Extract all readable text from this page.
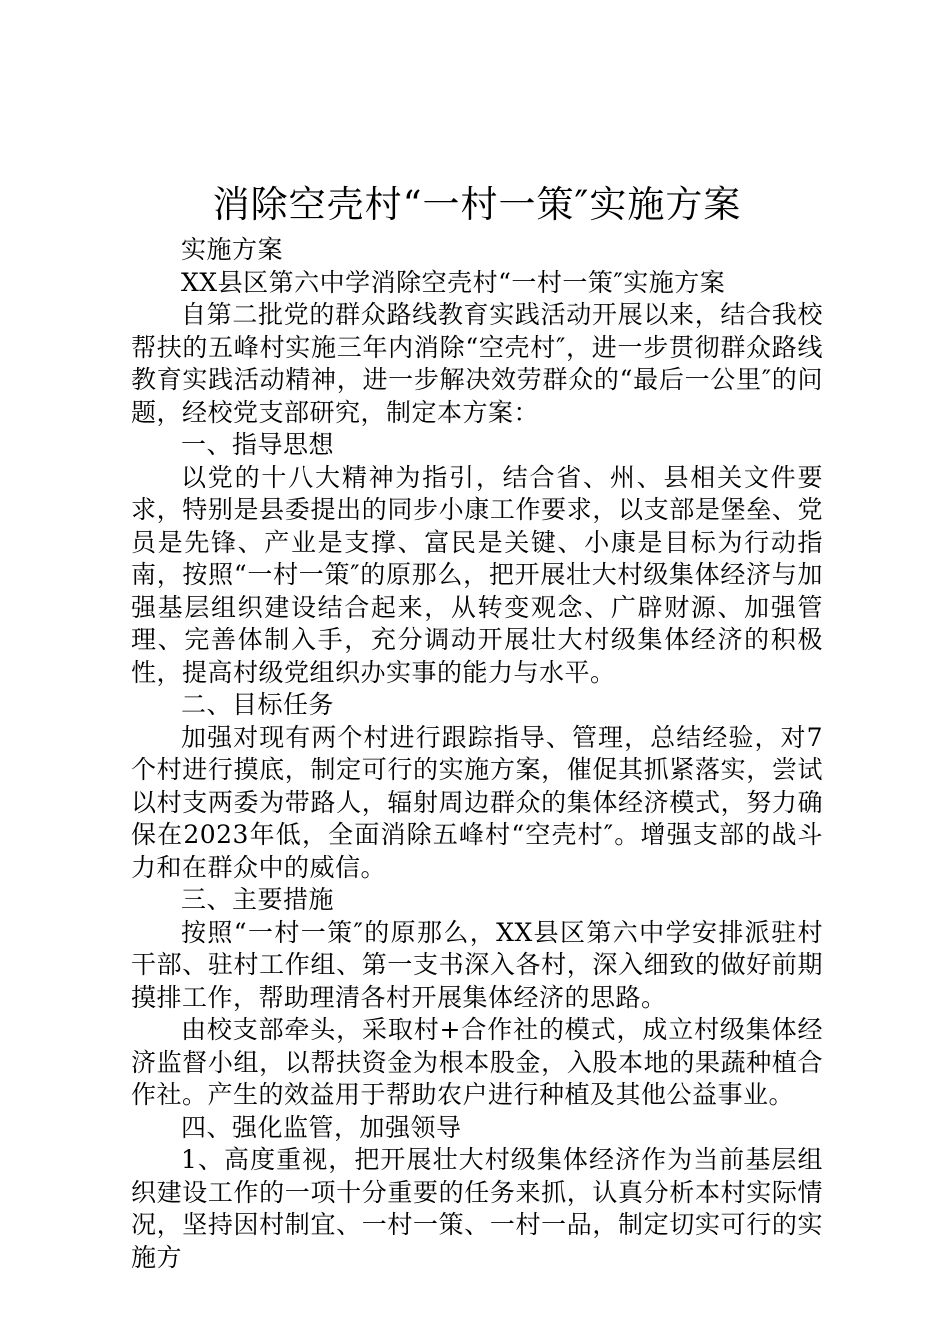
消除空壳村“一村一策″实施方案

实施方案

XX县区第六中学消除空壳村“一村一策″实施方案

自第二批党的群众路线教育实践活动开展以来，结合我校帮扶的五峰村实施三年内消除“空壳村″，进一步贯彻群众路线教育实践活动精神，进一步解决效劳群众的“最后一公里″的问题，经校党支部研究，制定本方案：

一、指导思想

以党的十八大精神为指引，结合省、州、县相关文件要求，特别是县委提出的同步小康工作要求，以支部是堡垒、党员是先锋、产业是支撑、富民是关键、小康是目标为行动指南，按照“一村一策″的原那么，把开展壮大村级集体经济与加强基层组织建设结合起来，从转变观念、广辟财源、加强管理、完善体制入手，充分调动开展壮大村级集体经济的积极性，提高村级党组织办实事的能力与水平。

二、目标任务

加强对现有两个村进行跟踪指导、管理，总结经验，对7个村进行摸底，制定可行的实施方案，催促其抓紧落实，尝试以村支两委为带路人，辐射周边群众的集体经济模式，努力确保在2023年低，全面消除五峰村“空壳村″。增强支部的战斗力和在群众中的威信。

三、主要措施

按照“一村一策″的原那么，XX县区第六中学安排派驻村干部、驻村工作组、第一支书深入各村，深入细致的做好前期摸排工作，帮助理清各村开展集体经济的思路。

由校支部牵头，采取村+合作社的模式，成立村级集体经济监督小组，以帮扶资金为根本股金，入股本地的果蔬种植合作社。产生的效益用于帮助农户进行种植及其他公益事业。

四、强化监管，加强领导

1、高度重视，把开展壮大村级集体经济作为当前基层组织建设工作的一项十分重要的任务来抓，认真分析本村实际情况，坚持因村制宜、一村一策、一村一品，制定切实可行的实施方
